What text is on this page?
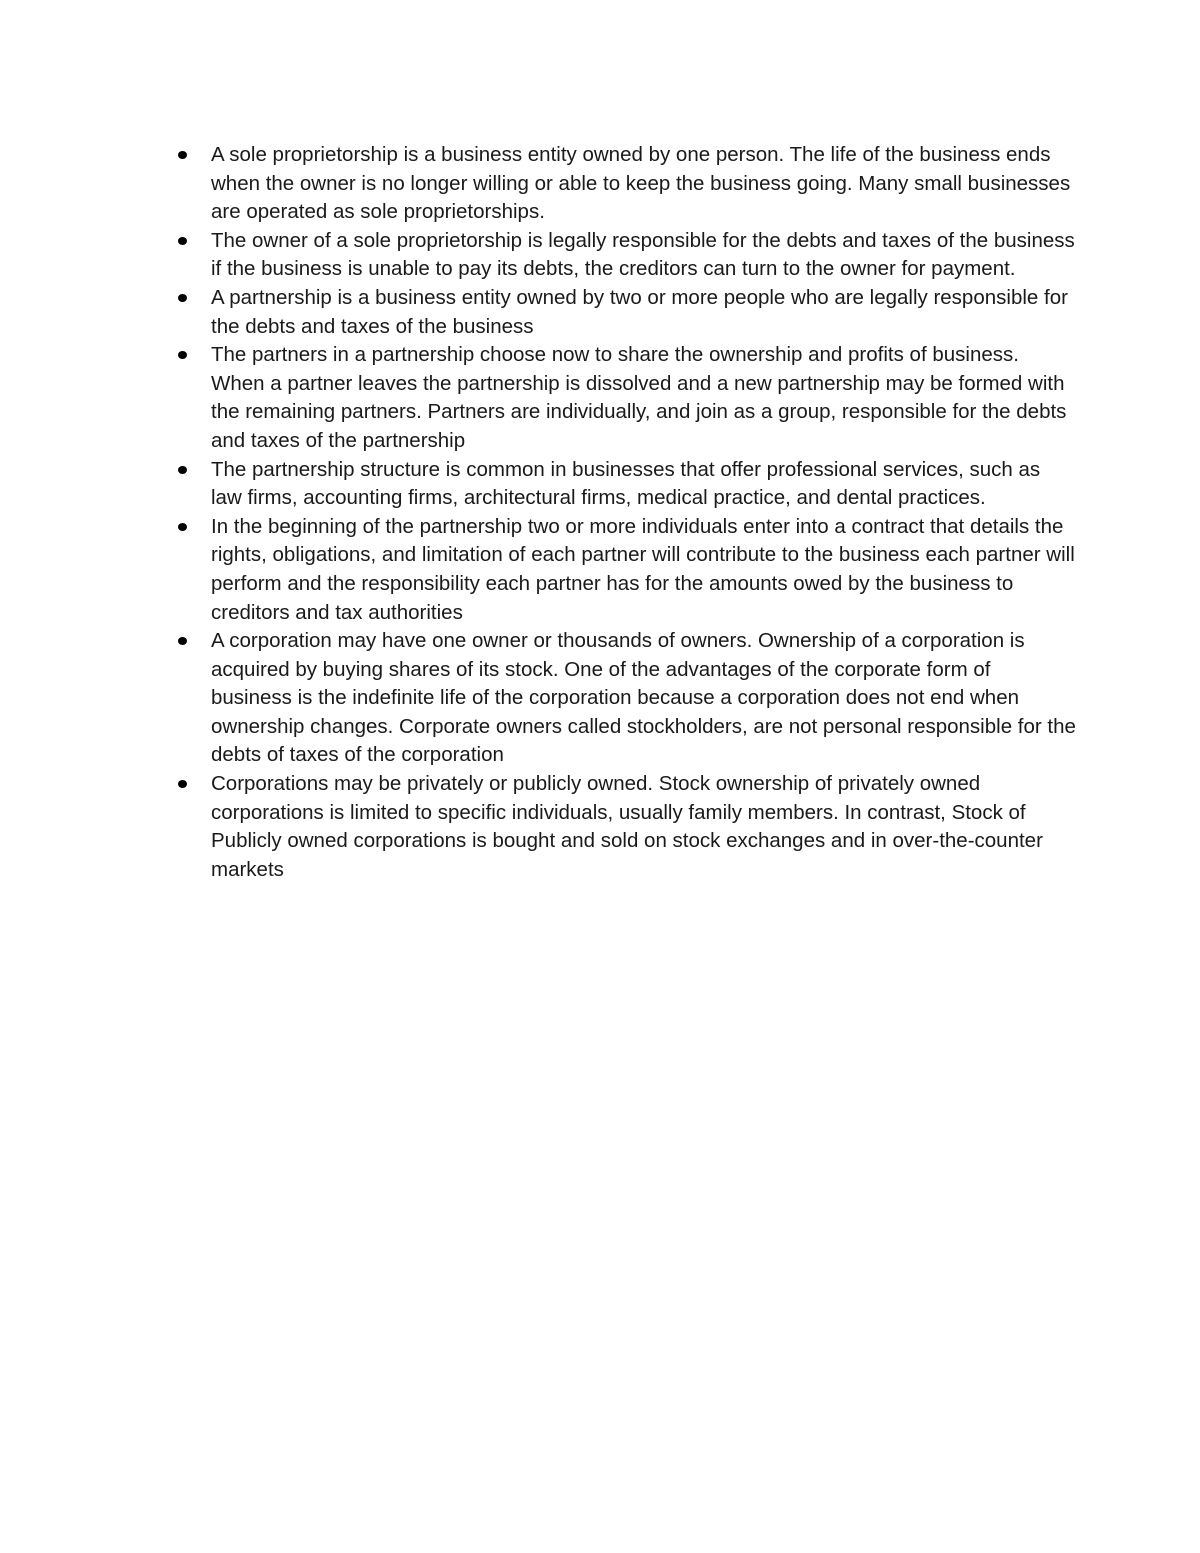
A sole proprietorship is a business entity owned by one person. The life of the business ends when the owner is no longer willing or able to keep the business going. Many small businesses are operated as sole proprietorships.
The owner of a sole proprietorship is legally responsible for the debts and taxes of the business if the business is unable to pay its debts, the creditors can turn to the owner for payment.
A partnership is a business entity owned by two or more people who are legally responsible for the debts and taxes of the business
The partners in a partnership choose now to share the ownership and profits of business. When a partner leaves the partnership is dissolved and a new partnership may be formed with the remaining partners. Partners are individually, and join as a group, responsible for the debts and taxes of the partnership
The partnership structure is common in businesses that offer professional services, such as law firms, accounting firms, architectural firms, medical practice, and dental practices.
In the beginning of the partnership two or more individuals enter into a contract that details the rights, obligations, and limitation of each partner will contribute to the business each partner will perform and the responsibility each partner has for the amounts owed by the business to creditors and tax authorities
A corporation may have one owner or thousands of owners. Ownership of a corporation is acquired by buying shares of its stock. One of the advantages of the corporate form of business is the indefinite life of the corporation because a corporation does not end when ownership changes. Corporate owners called stockholders, are not personal responsible for the debts of taxes of the corporation
Corporations may be privately or publicly owned. Stock ownership of privately owned corporations is limited to specific individuals, usually family members. In contrast, Stock of Publicly owned corporations is bought and sold on stock exchanges and in over-the-counter markets
